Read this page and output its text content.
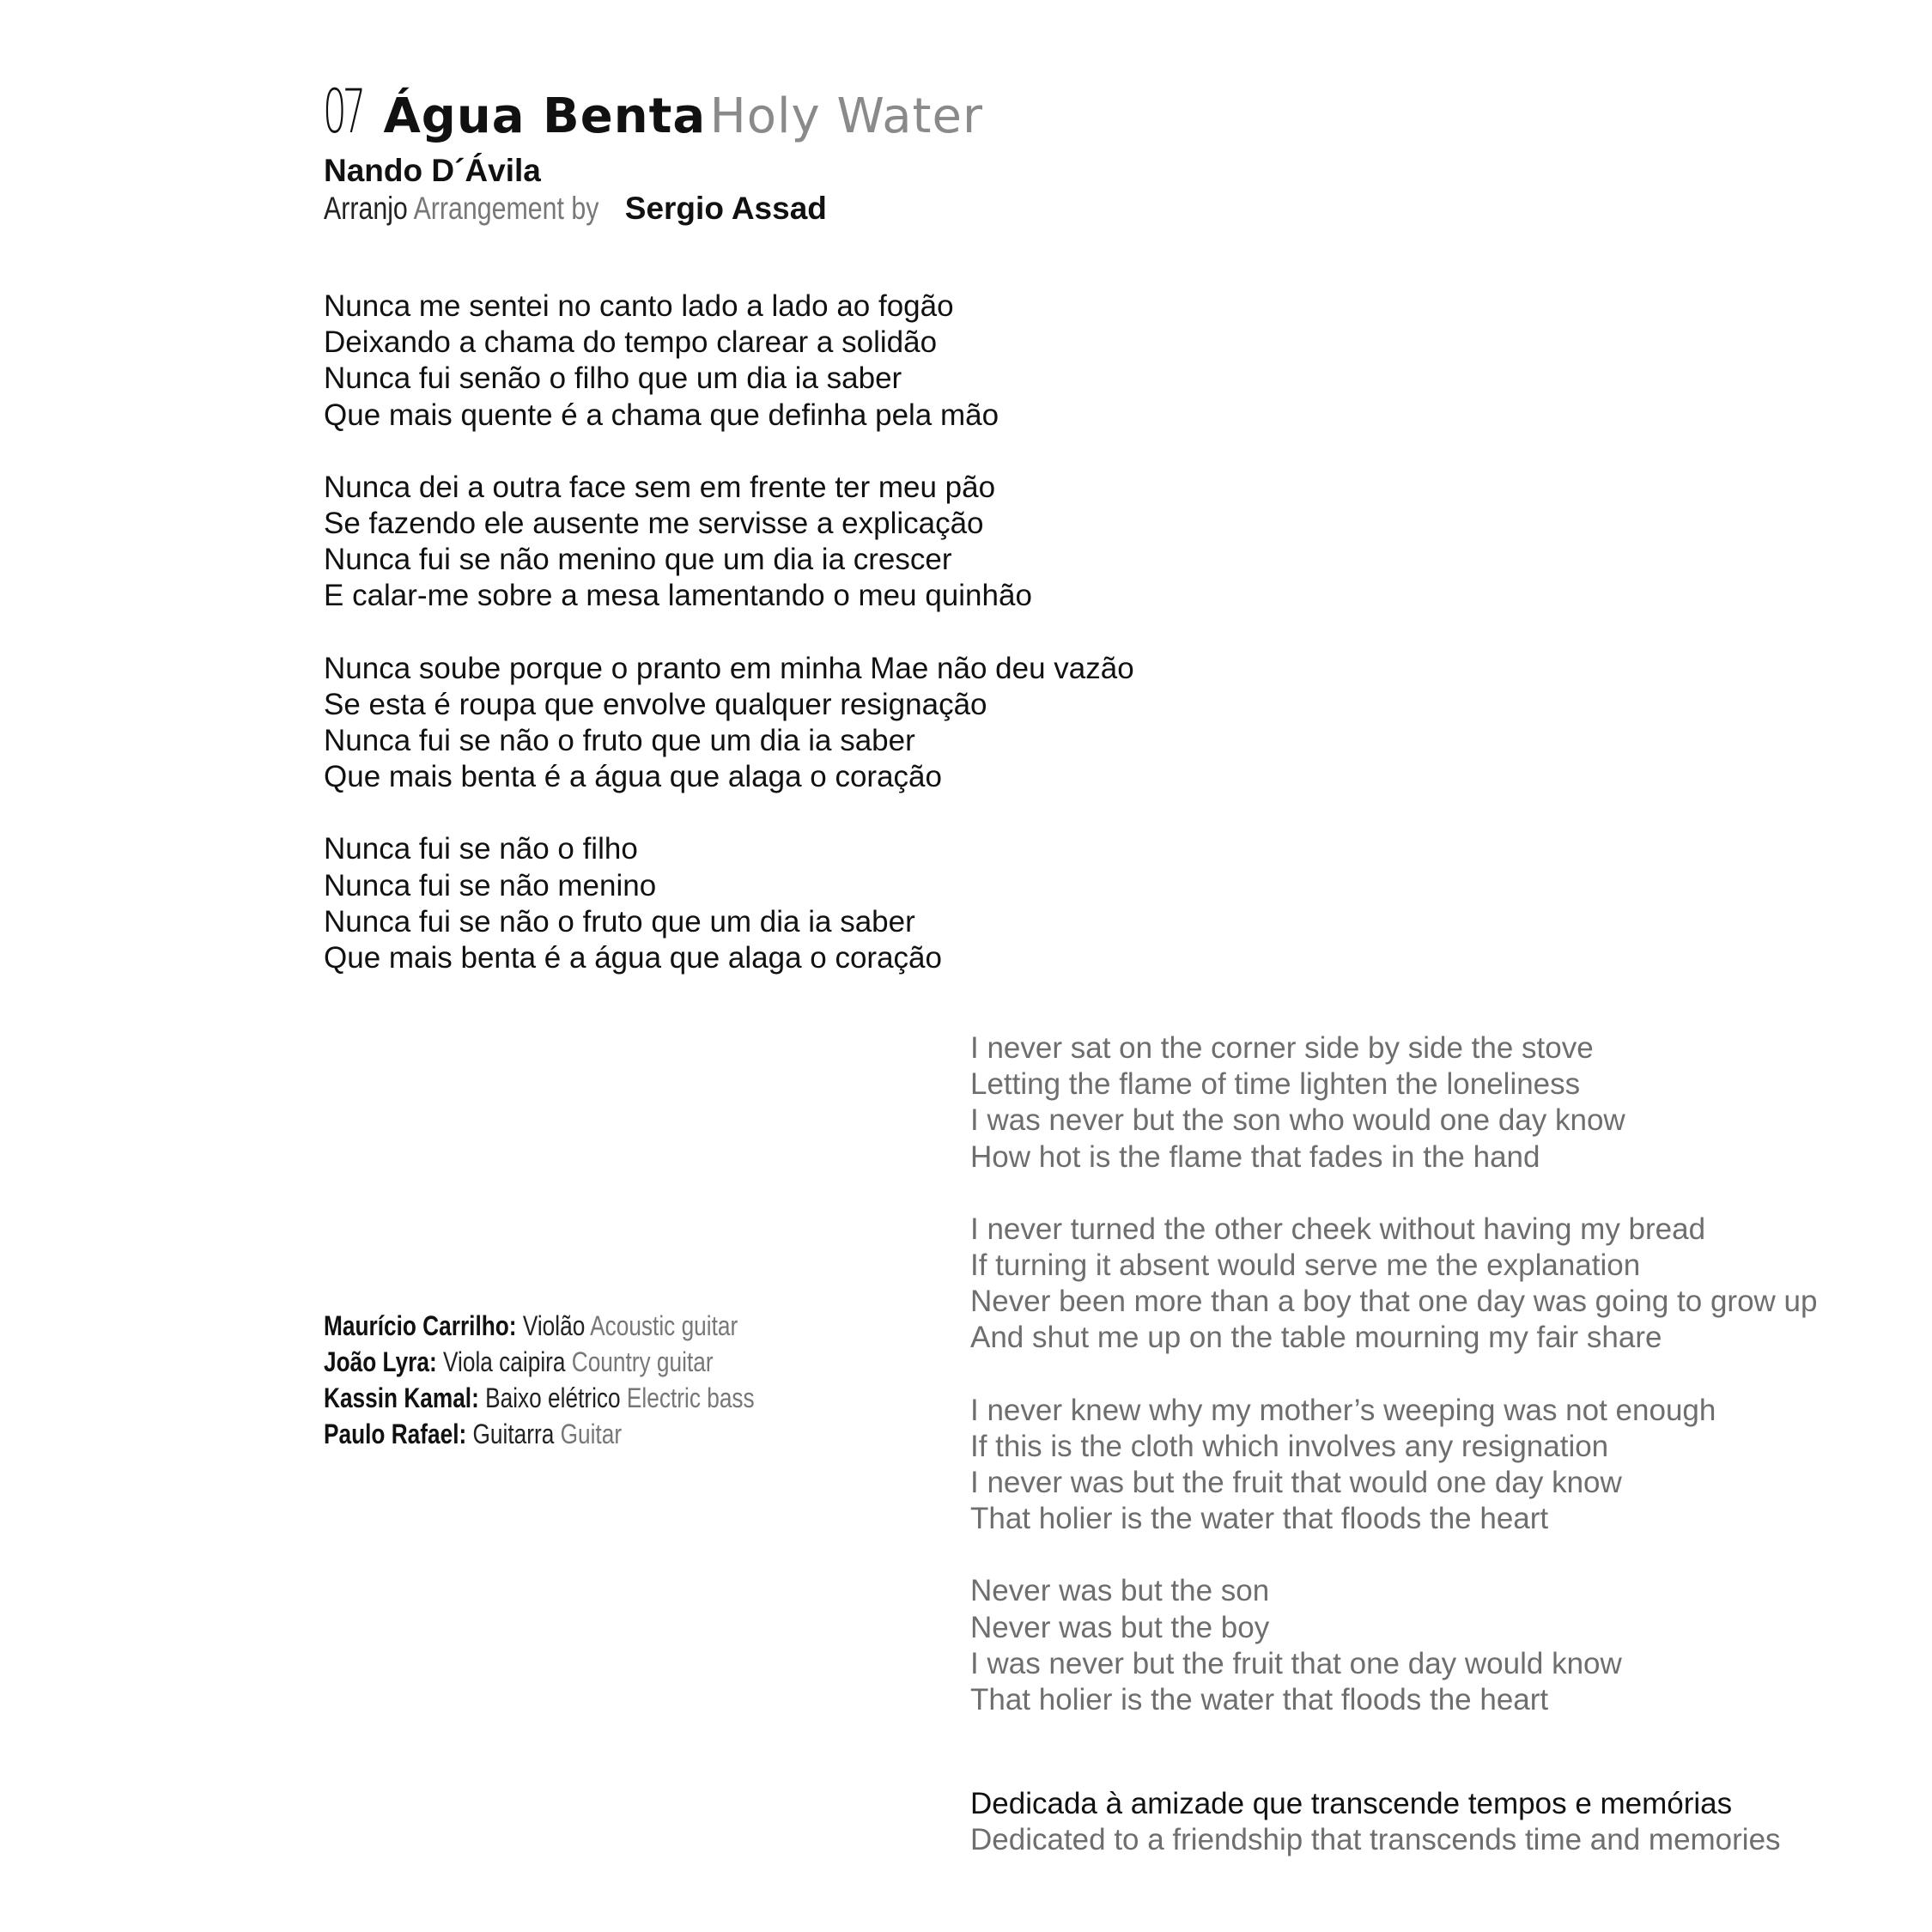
07 Água Benta Holy Water
Nando D´Ávila
Arranjo Arrangement by Sergio Assad
Nunca me sentei no canto lado a lado ao fogão
Deixando a chama do tempo clarear a solidão
Nunca fui senão o filho que um dia ia saber
Que mais quente é a chama que definha pela mão
Nunca dei a outra face sem em frente ter meu pão
Se fazendo ele ausente me servisse a explicação
Nunca fui se não menino que um dia ia crescer
E calar-me sobre a mesa lamentando o meu quinhão
Nunca soube porque o pranto em minha Mae não deu vazão
Se esta é roupa que envolve qualquer resignação
Nunca fui se não o fruto que um dia ia saber
Que mais benta é a água que alaga o coração
Nunca fui se não o filho
Nunca fui se não menino
Nunca fui se não o fruto que um dia ia saber
Que mais benta é a água que alaga o coração
I never sat on the corner side by side the stove
Letting the flame of time lighten the loneliness
I was never but the son who would one day know
How hot is the flame that fades in the hand
I never turned the other cheek without having my bread
If turning it absent would serve me the explanation
Never been more than a boy that one day was going to grow up
And shut me up on the table mourning my fair share
I never knew why my mother’s weeping was not enough
If this is the cloth which involves any resignation
I never was but the fruit that would one day know
That holier is the water that floods the heart
Never was but the son
Never was but the boy
I was never but the fruit that one day would know
That holier is the water that floods the heart
Maurício Carrilho: Violão Acoustic guitar
João Lyra: Viola caipira Country guitar
Kassin Kamal: Baixo elétrico Electric bass
Paulo Rafael: Guitarra Guitar
Dedicada à amizade que transcende tempos e memórias
Dedicated to a friendship that transcends time and memories
